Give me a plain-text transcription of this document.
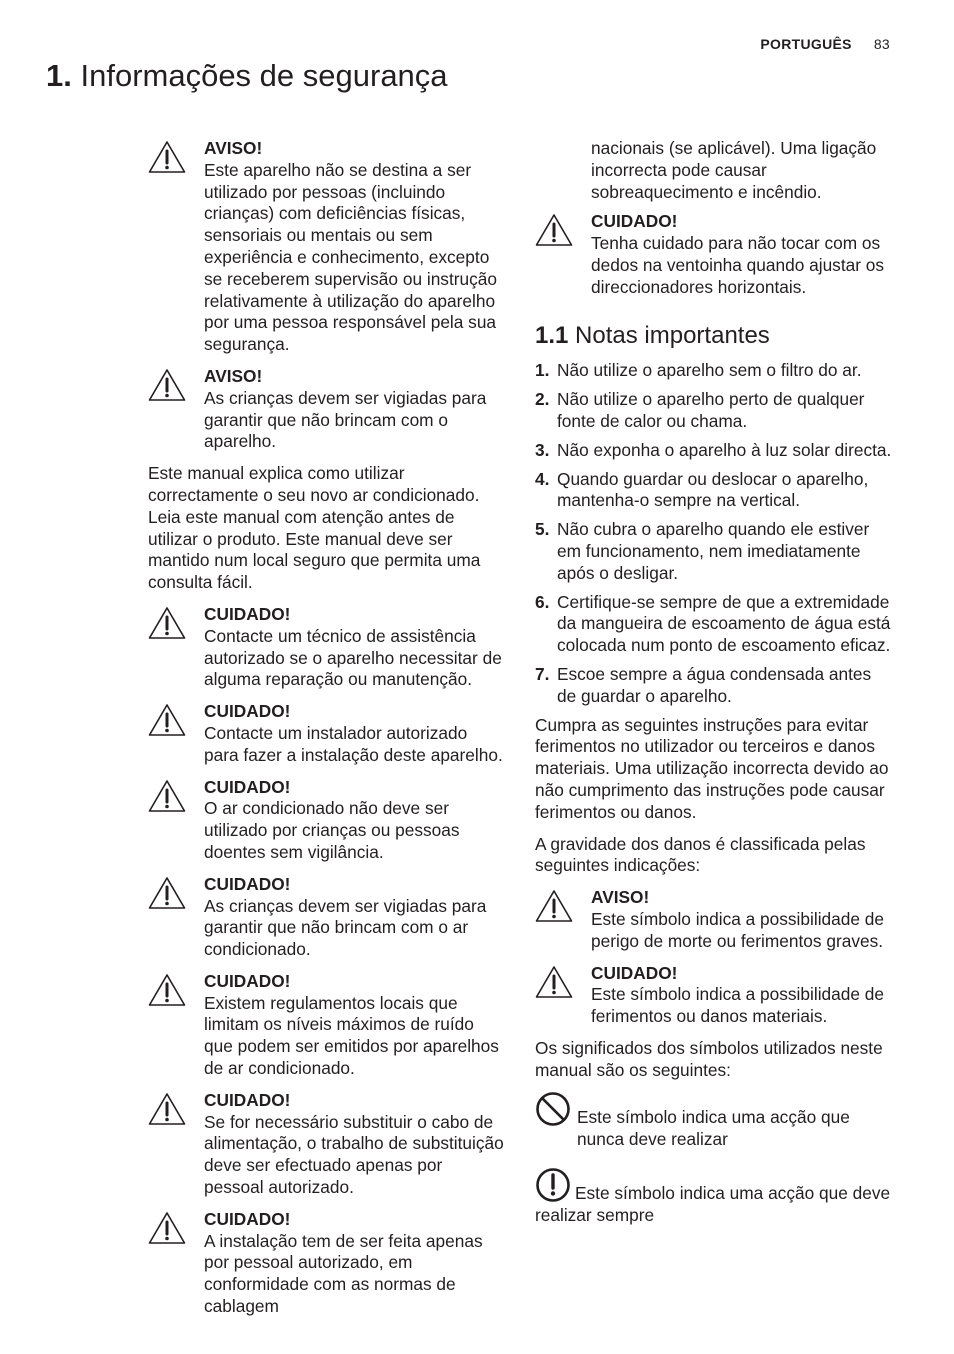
PORTUGUÊS 83
1. Informações de segurança
AVISO!
Este aparelho não se destina a ser utilizado por pessoas (incluindo crianças) com deficiências físicas, sensoriais ou mentais ou sem experiência e conhecimento, excepto se receberem supervisão ou instrução relativamente à utilização do aparelho por uma pessoa responsável pela sua segurança.
AVISO!
As crianças devem ser vigiadas para garantir que não brincam com o aparelho.

Este manual explica como utilizar correctamente o seu novo ar condicionado. Leia este manual com atenção antes de utilizar o produto. Este manual deve ser mantido num local seguro que permita uma consulta fácil.

CUIDADO!
Contacte um técnico de assistência autorizado se o aparelho necessitar de alguma reparação ou manutenção.
CUIDADO!
Contacte um instalador autorizado para fazer a instalação deste aparelho.
CUIDADO!
O ar condicionado não deve ser utilizado por crianças ou pessoas doentes sem vigilância.
CUIDADO!
As crianças devem ser vigiadas para garantir que não brincam com o ar condicionado.
CUIDADO!
Existem regulamentos locais que limitam os níveis máximos de ruído que podem ser emitidos por aparelhos de ar condicionado.
CUIDADO!
Se for necessário substituir o cabo de alimentação, o trabalho de substituição deve ser efectuado apenas por pessoal autorizado.
CUIDADO!
A instalação tem de ser feita apenas por pessoal autorizado, em conformidade com as normas de cablagem
nacionais (se aplicável). Uma ligação incorrecta pode causar sobreaquecimento e incêndio.
CUIDADO!
Tenha cuidado para não tocar com os dedos na ventoinha quando ajustar os direccionadores horizontais.
1.1 Notas importantes
1. Não utilize o aparelho sem o filtro do ar.
2. Não utilize o aparelho perto de qualquer fonte de calor ou chama.
3. Não exponha o aparelho à luz solar directa.
4. Quando guardar ou deslocar o aparelho, mantenha-o sempre na vertical.
5. Não cubra o aparelho quando ele estiver em funcionamento, nem imediatamente após o desligar.
6. Certifique-se sempre de que a extremidade da mangueira de escoamento de água está colocada num ponto de escoamento eficaz.
7. Escoe sempre a água condensada antes de guardar o aparelho.

Cumpra as seguintes instruções para evitar ferimentos no utilizador ou terceiros e danos materiais. Uma utilização incorrecta devido ao não cumprimento das instruções pode causar ferimentos ou danos.

A gravidade dos danos é classificada pelas seguintes indicações:

AVISO!
Este símbolo indica a possibilidade de perigo de morte ou ferimentos graves.
CUIDADO!
Este símbolo indica a possibilidade de ferimentos ou danos materiais.

Os significados dos símbolos utilizados neste manual são os seguintes:

Este símbolo indica uma acção que nunca deve realizar
Este símbolo indica uma acção que deve realizar sempre
